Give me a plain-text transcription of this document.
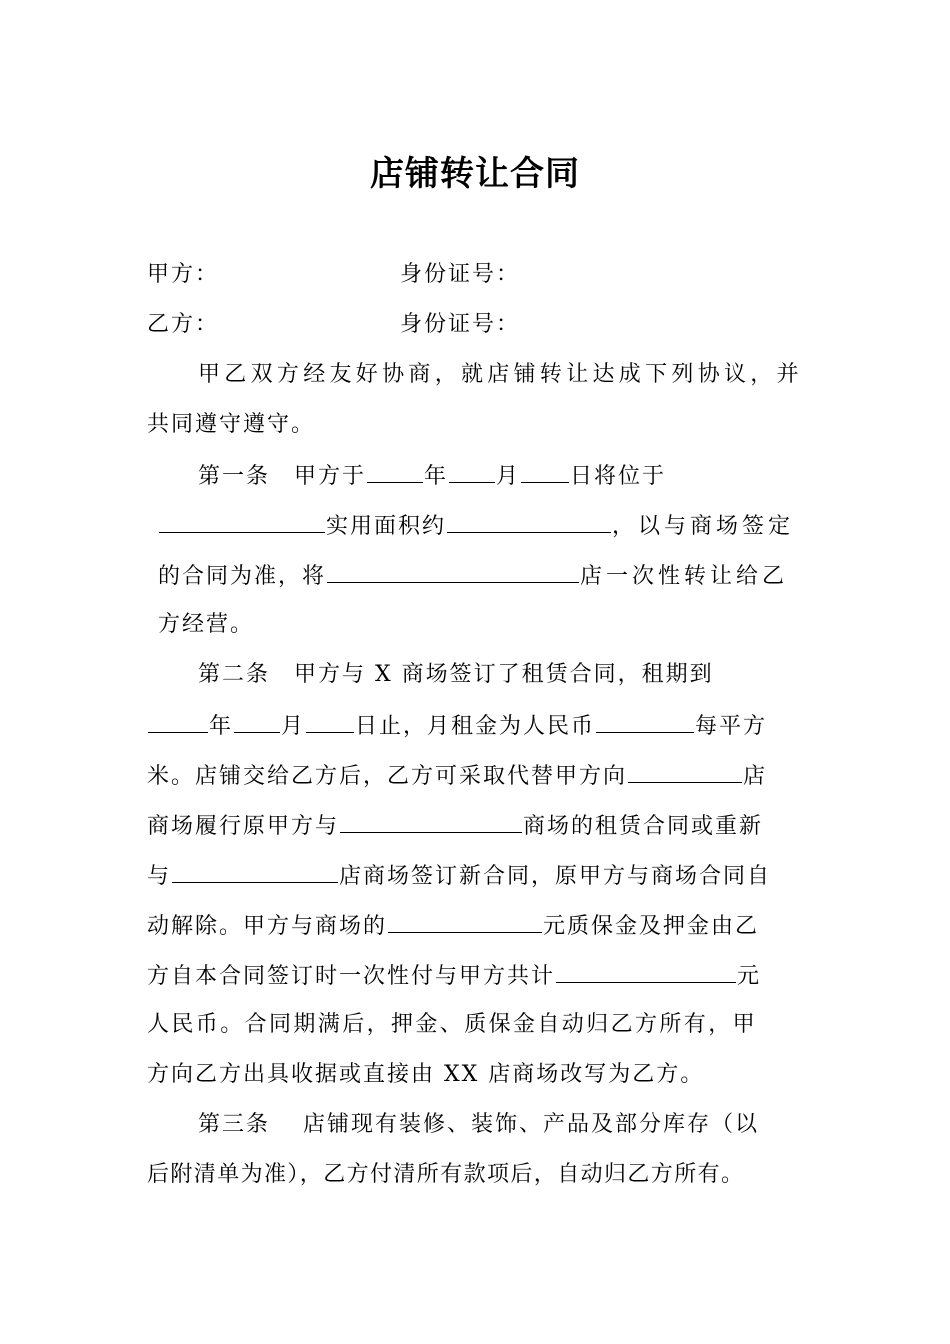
店铺转让合同
甲方：	身份证号：
乙方：	身份证号：
甲乙双方经友好协商，就店铺转让达成下列协议，并
共同遵守遵守。
第一条　甲方于	年 月 日将位于
实用面积约	，以与商场签定
的合同为准，将	店一次性转让给乙
方经营。
第二条　甲方与 X 商场签订了租赁合同，租期到
年 月 日止，月租金为人民币	每平方
米。店铺交给乙方后，乙方可采取代替甲方向	店
商场履行原甲方与	商场的租赁合同或重新
与	店商场签订新合同，原甲方与商场合同自
动解除。甲方与商场的	元质保金及押金由乙
方自本合同签订时一次性付与甲方共计	元
人民币。合同期满后，押金、质保金自动归乙方所有，甲
方向乙方出具收据或直接由 XX 店商场改写为乙方。
第三条　 店铺现有装修、装饰、产品及部分库存（以
后附清单为准），乙方付清所有款项后，自动归乙方所有。
